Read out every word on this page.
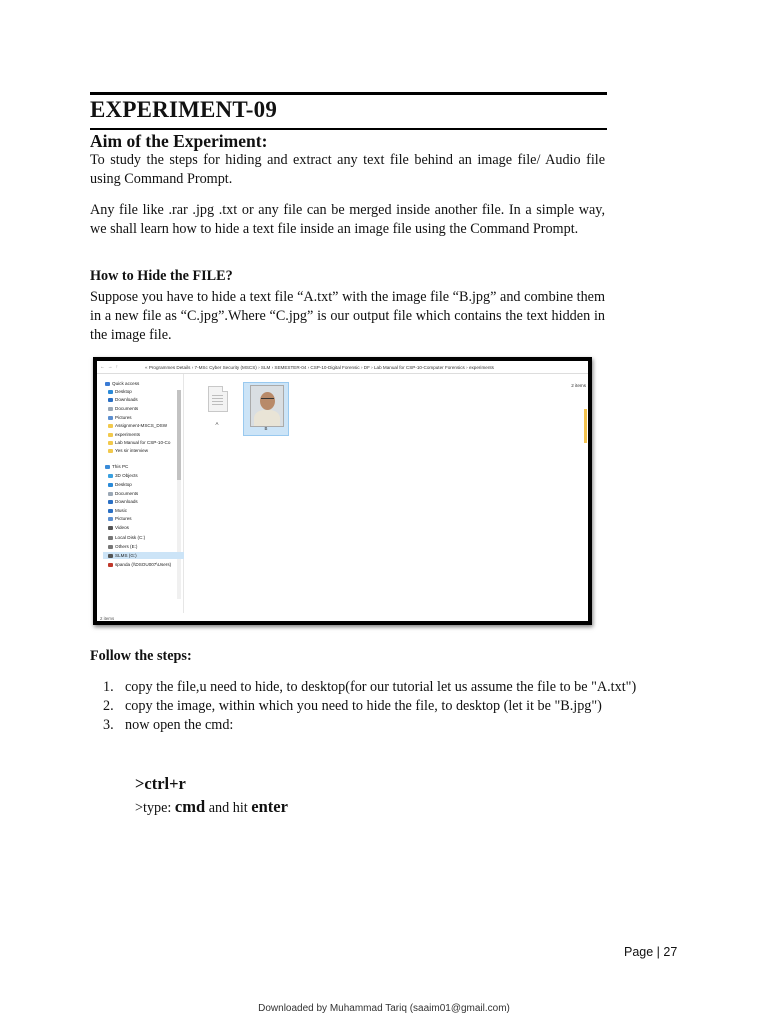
EXPERIMENT-09
Aim of the Experiment:
To study the steps for hiding and extract any text file behind an image file/ Audio file using Command Prompt.
Any file like .rar .jpg .txt or any file can be merged inside another file. In a simple way, we shall learn how to hide a text file inside an image file using the Command Prompt.
How to Hide the FILE?
Suppose you have to hide a text file “A.txt” with the image file “B.jpg” and combine them in a new file as “C.jpg”.Where “C.jpg” is our output file which contains the text hidden in the image file.
← → ↑	« Programmes Details › 7-MSc Cyber Security (MSCS) › SLM › SEMESTER-04 › CSP-10-Digital Forensic › DF › Lab Manual for CSP-10-Computer Forensics › experiments
Quick access
Desktop
Downloads
Documents
Pictures
Assignment-MSCS_DSW
experiments
Lab Manual for CSP-10-Co
Yes sir interview
This PC
3D Objects
Desktop
Documents
Downloads
Music
Pictures
Videos
Local Disk (C:)
Others (E:)
SLMS (G:)
spanda (\\DSOU007\Users)
2 items
A
B
2 items
Follow the steps:
1. copy the file,u need to hide, to desktop(for our tutorial let us assume the file to be "A.txt")
2. copy the image, within which you need to hide the file, to desktop (let it be "B.jpg")
3. now open the cmd:
>ctrl+r
>type: cmd and hit enter
Page | 27
Downloaded by Muhammad Tariq (saaim01@gmail.com)
